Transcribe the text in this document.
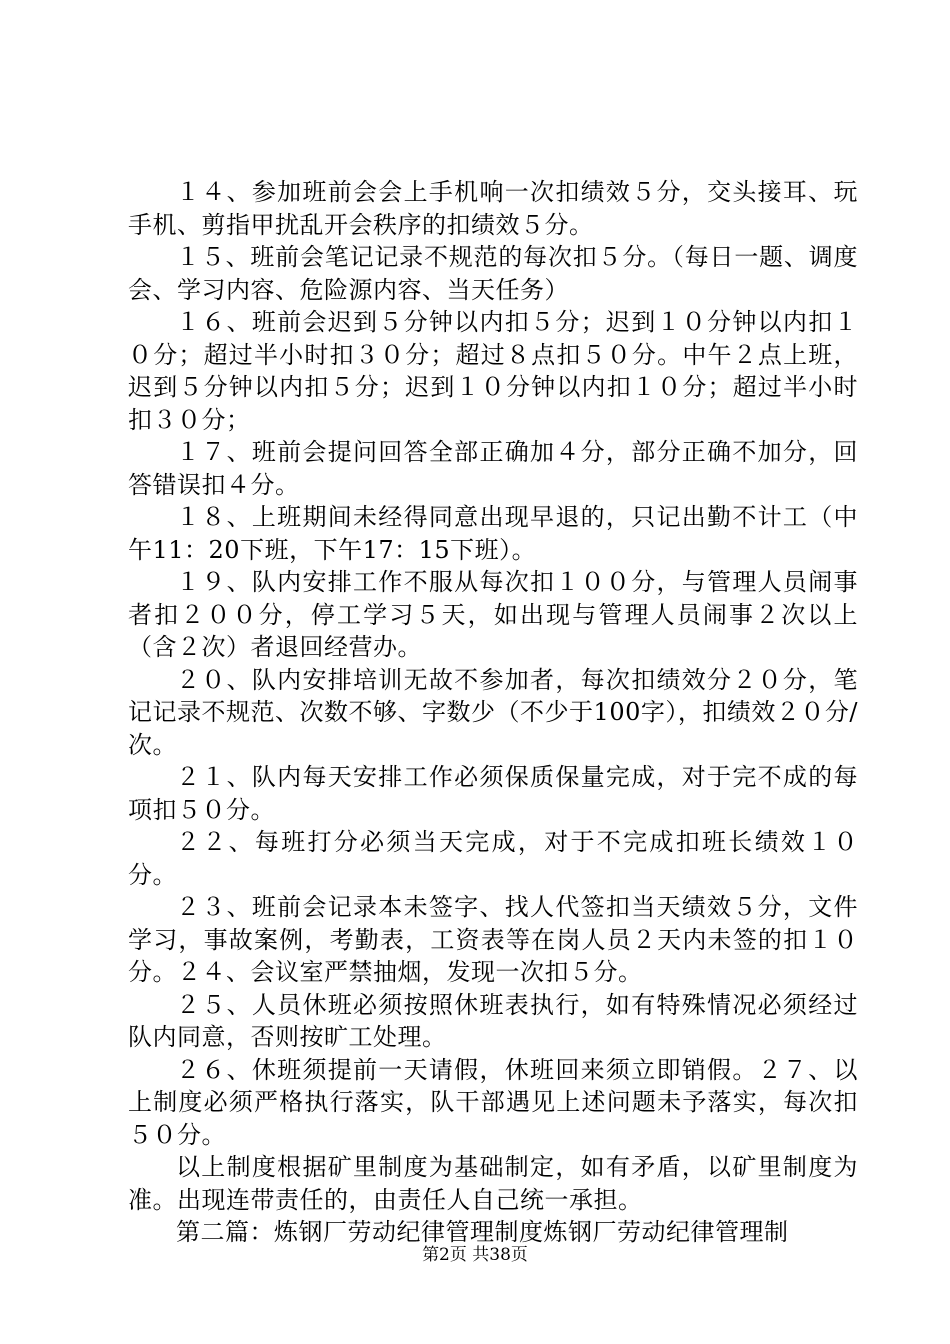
１４、参加班前会会上手机响一次扣绩效５分，交头接耳、玩手机、剪指甲扰乱开会秩序的扣绩效５分。

１５、班前会笔记记录不规范的每次扣５分。（每日一题、调度会、学习内容、危险源内容、当天任务）

１６、班前会迟到５分钟以内扣５分；迟到１０分钟以内扣１０分；超过半小时扣３０分；超过８点扣５０分。中午２点上班，迟到５分钟以内扣５分；迟到１０分钟以内扣１０分；超过半小时扣３０分；

１７、班前会提问回答全部正确加４分，部分正确不加分，回答错误扣４分。

１８、上班期间未经得同意出现早退的，只记出勤不计工（中午11：20下班，下午17：15下班）。

１９、队内安排工作不服从每次扣１００分，与管理人员闹事者扣２００分，停工学习５天，如出现与管理人员闹事２次以上（含２次）者退回经营办。

２０、队内安排培训无故不参加者，每次扣绩效分２０分，笔记记录不规范、次数不够、字数少（不少于100字），扣绩效２０分/次。

２１、队内每天安排工作必须保质保量完成，对于完不成的每项扣５０分。

２２、每班打分必须当天完成，对于不完成扣班长绩效１０分。

２３、班前会记录本未签字、找人代签扣当天绩效５分，文件学习，事故案例，考勤表，工资表等在岗人员２天内未签的扣１０分。２４、会议室严禁抽烟，发现一次扣５分。

２５、人员休班必须按照休班表执行，如有特殊情况必须经过队内同意，否则按旷工处理。

２６、休班须提前一天请假，休班回来须立即销假。２７、以上制度必须严格执行落实，队干部遇见上述问题未予落实，每次扣５０分。

以上制度根据矿里制度为基础制定，如有矛盾，以矿里制度为准。出现连带责任的，由责任人自己统一承担。

第二篇：炼钢厂劳动纪律管理制度炼钢厂劳动纪律管理制

第2页 共38页
